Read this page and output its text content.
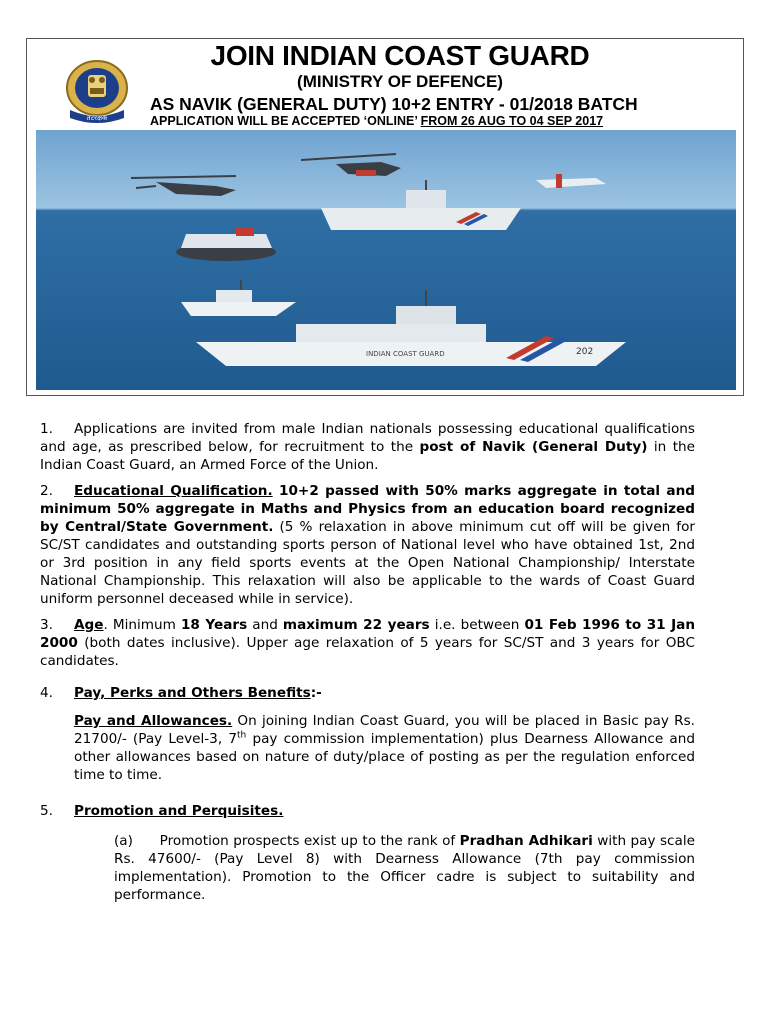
तटरक्षक
JOIN INDIAN COAST GUARD
(MINISTRY OF DEFENCE)
AS NAVIK (GENERAL DUTY) 10+2 ENTRY - 01/2018 BATCH
APPLICATION WILL BE ACCEPTED ‘ONLINE’ FROM 26 AUG TO 04 SEP 2017
INDIAN COAST GUARD	202

1. Applications are invited from male Indian nationals possessing educational qualifications and age, as prescribed below, for recruitment to the post of Navik (General Duty) in the Indian Coast Guard, an Armed Force of the Union.

2. Educational Qualification. 10+2 passed with 50% marks aggregate in total and minimum 50% aggregate in Maths and Physics from an education board recognized by Central/State Government. (5 % relaxation in above minimum cut off will be given for SC/ST candidates and outstanding sports person of National level who have obtained 1st, 2nd or 3rd position in any field sports events at the Open National Championship/ Interstate National Championship. This relaxation will also be applicable to the wards of Coast Guard uniform personnel deceased while in service).

3. Age. Minimum 18 Years and maximum 22 years i.e. between 01 Feb 1996 to 31 Jan 2000 (both dates inclusive). Upper age relaxation of 5 years for SC/ST and 3 years for OBC candidates.

4. Pay, Perks and Others Benefits:-

Pay and Allowances. On joining Indian Coast Guard, you will be placed in Basic pay Rs. 21700/- (Pay Level-3, 7th pay commission implementation) plus Dearness Allowance and other allowances based on nature of duty/place of posting as per the regulation enforced time to time.

5. Promotion and Perquisites.

(a)      Promotion prospects exist up to the rank of Pradhan Adhikari with pay scale Rs. 47600/- (Pay Level 8) with Dearness Allowance (7th pay commission implementation). Promotion to the Officer cadre is subject to suitability and performance.
